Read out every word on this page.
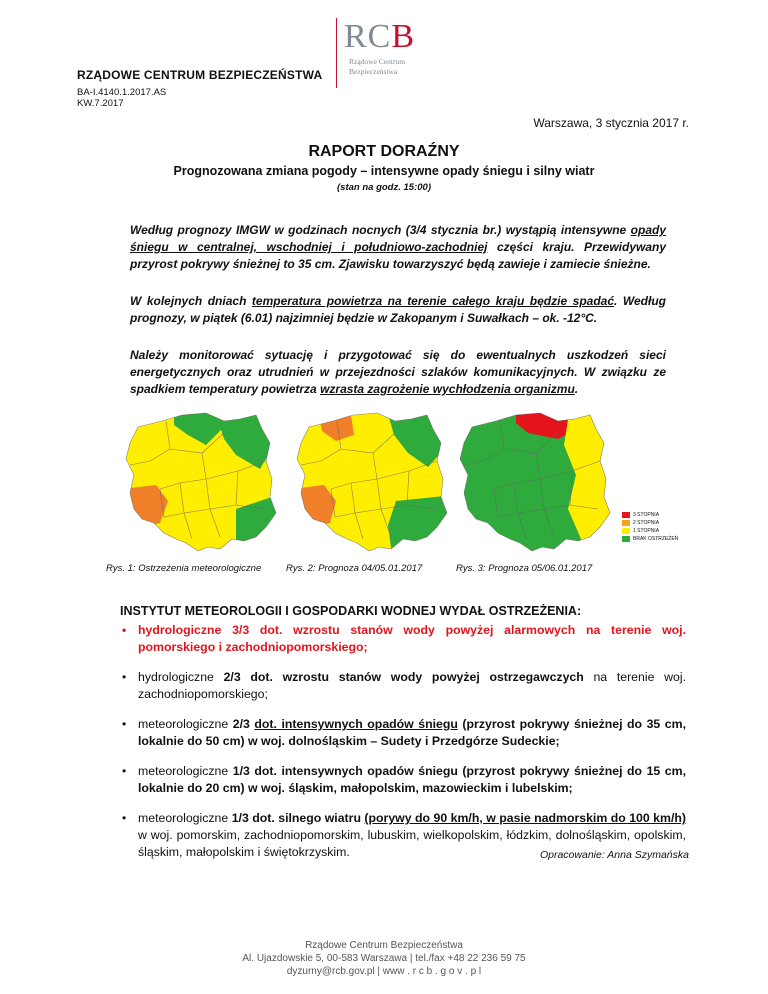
RCB
Rządowe Centrum
Bezpieczeństwa
RZĄDOWE CENTRUM BEZPIECZEŃSTWA
BA-I.4140.1.2017.AS
KW.7.2017
Warszawa, 3 stycznia 2017 r.
RAPORT DORAŹNY
Prognozowana zmiana pogody – intensywne opady śniegu i silny wiatr
(stan na godz. 15:00)

Według prognozy IMGW w godzinach nocnych (3/4 stycznia br.) wystąpią intensywne opady śniegu w centralnej, wschodniej i południowo-zachodniej części kraju. Przewidywany przyrost pokrywy śnieżnej to 35 cm. Zjawisku towarzyszyć będą zawieje i zamiecie śnieżne.

W kolejnych dniach temperatura powietrza na terenie całego kraju będzie spadać. Według prognozy, w piątek (6.01) najzimniej będzie w Zakopanym i Suwałkach – ok. -12°C.

Należy monitorować sytuację i przygotować się do ewentualnych uszkodzeń sieci energetycznych oraz utrudnień w przejezdności szlaków komunikacyjnych. W związku ze spadkiem temperatury powietrza wzrasta zagrożenie wychłodzenia organizmu.

3 STOPNIA
2 STOPNIA
1 STOPNIA
BRAK OSTRZEŻEŃ
Rys. 1: Ostrzeżenia meteorologiczne	Rys. 2: Prognoza 04/05.01.2017	Rys. 3: Prognoza 05/06.01.2017
INSTYTUT METEOROLOGII I GOSPODARKI WODNEJ WYDAŁ OSTRZEŻENIA:
• hydrologiczne 3/3 dot. wzrostu stanów wody powyżej alarmowych na terenie woj. pomorskiego i zachodniopomorskiego;
• hydrologiczne 2/3 dot. wzrostu stanów wody powyżej ostrzegawczych na terenie woj. zachodniopomorskiego;
• meteorologiczne 2/3 dot. intensywnych opadów śniegu (przyrost pokrywy śnieżnej do 35 cm, lokalnie do 50 cm) w woj. dolnośląskim – Sudety i Przedgórze Sudeckie;
• meteorologiczne 1/3 dot. intensywnych opadów śniegu (przyrost pokrywy śnieżnej do 15 cm, lokalnie do 20 cm) w woj. śląskim, małopolskim, mazowieckim i lubelskim;
• meteorologiczne 1/3 dot. silnego wiatru (porywy do 90 km/h, w pasie nadmorskim do 100 km/h) w woj. pomorskim, zachodniopomorskim, lubuskim, wielkopolskim, łódzkim, dolnośląskim, opolskim, śląskim, małopolskim i świętokrzyskim.	Opracowanie: Anna Szymańska
Rządowe Centrum Bezpieczeństwa
Al. Ujazdowskie 5, 00-583 Warszawa | tel./fax +48 22 236 59 75
dyzurny@rcb.gov.pl | www . r c b . g o v . p l
